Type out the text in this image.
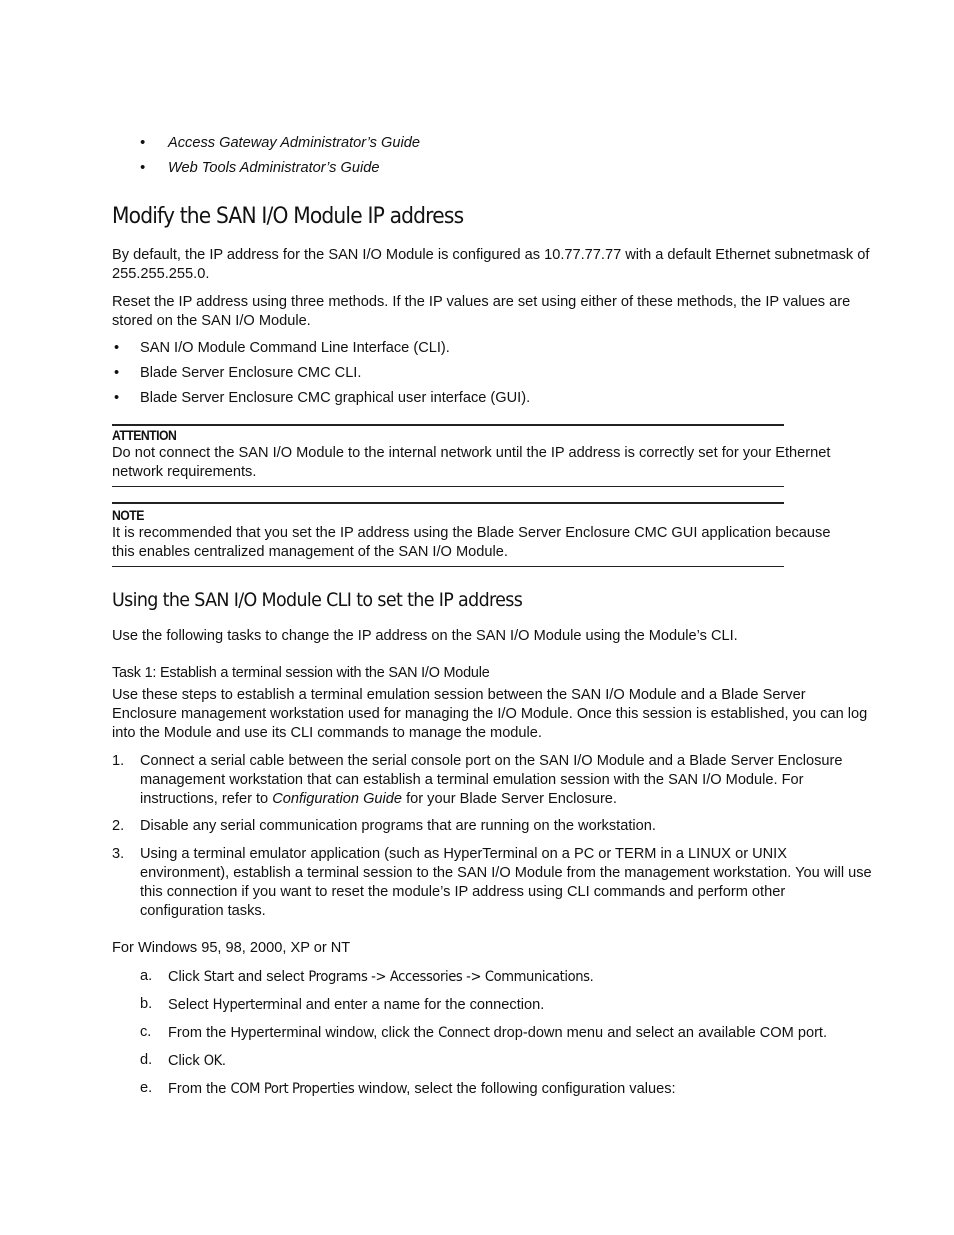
• Access Gateway Administrator’s Guide
• Web Tools Administrator’s Guide
Modify the SAN I/O Module IP address
By default, the IP address for the SAN I/O Module is configured as 10.77.77.77 with a default Ethernet subnetmask of 255.255.255.0.
Reset the IP address using three methods. If the IP values are set using either of these methods, the IP values are stored on the SAN I/O Module.
• SAN I/O Module Command Line Interface (CLI).
• Blade Server Enclosure CMC CLI.
• Blade Server Enclosure CMC graphical user interface (GUI).
ATTENTION
Do not connect the SAN I/O Module to the internal network until the IP address is correctly set for your Ethernet network requirements.
NOTE
It is recommended that you set the IP address using the Blade Server Enclosure CMC GUI application because this enables centralized management of the SAN I/O Module.
Using the SAN I/O Module CLI to set the IP address
Use the following tasks to change the IP address on the SAN I/O Module using the Module’s CLI.
Task 1: Establish a terminal session with the SAN I/O Module
Use these steps to establish a terminal emulation session between the SAN I/O Module and a Blade Server Enclosure management workstation used for managing the I/O Module. Once this session is established, you can log into the Module and use its CLI commands to manage the module.
1. Connect a serial cable between the serial console port on the SAN I/O Module and a Blade Server Enclosure management workstation that can establish a terminal emulation session with the SAN I/O Module. For instructions, refer to Configuration Guide for your Blade Server Enclosure.
2. Disable any serial communication programs that are running on the workstation.
3. Using a terminal emulator application (such as HyperTerminal on a PC or TERM in a LINUX or UNIX environment), establish a terminal session to the SAN I/O Module from the management workstation. You will use this connection if you want to reset the module’s IP address using CLI commands and perform other configuration tasks.
For Windows 95, 98, 2000, XP or NT
a. Click Start and select Programs -> Accessories -> Communications.
b. Select Hyperterminal and enter a name for the connection.
c. From the Hyperterminal window, click the Connect drop-down menu and select an available COM port.
d. Click OK.
e. From the COM Port Properties window, select the following configuration values:
